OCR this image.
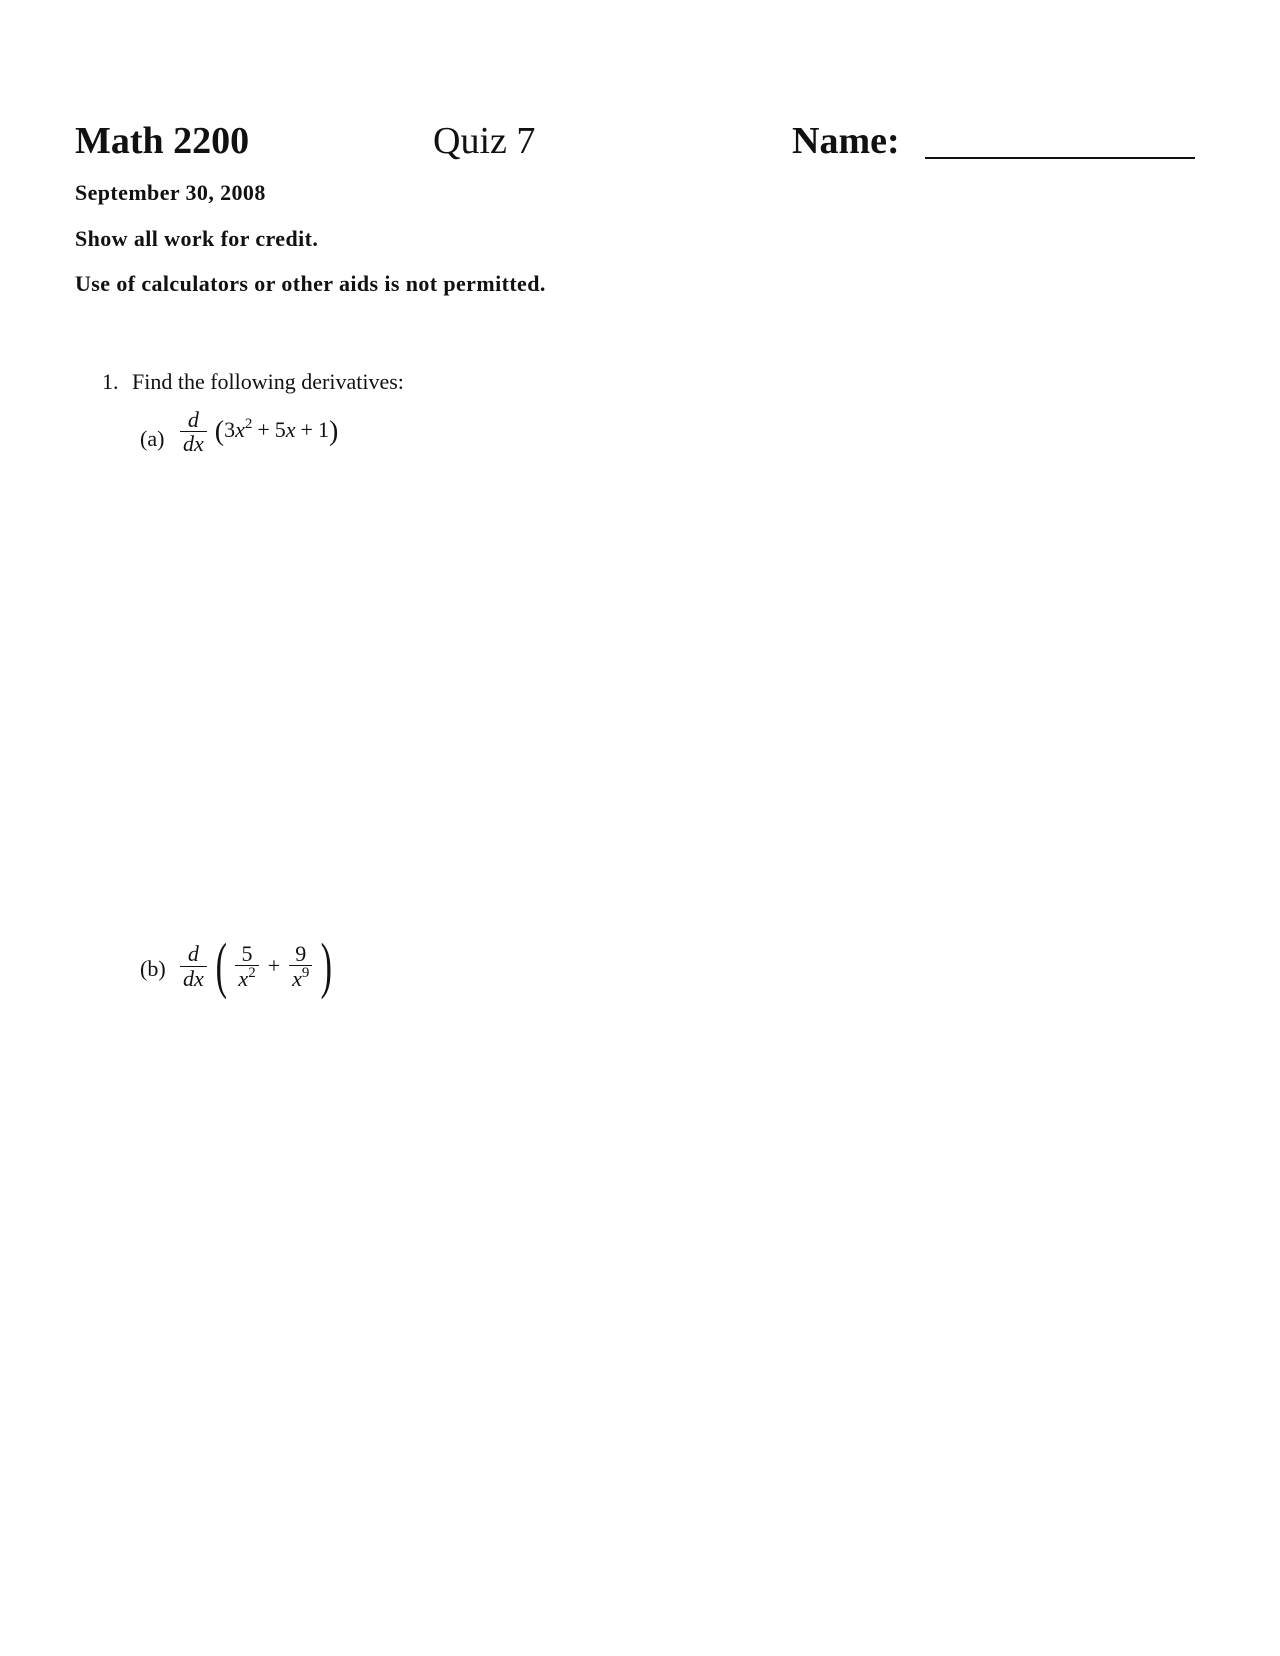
Math 2200	Quiz 7	Name:
September 30, 2008
Show all work for credit.
Use of calculators or other aids is not permitted.
1. Find the following derivatives:
$(a) \frac{d}{dx} (3x^2 + 5x + 1)$
$(b) \frac{d}{dx}$ ( $\frac{5}{x^2} + \frac{9}{x^9}$ )
